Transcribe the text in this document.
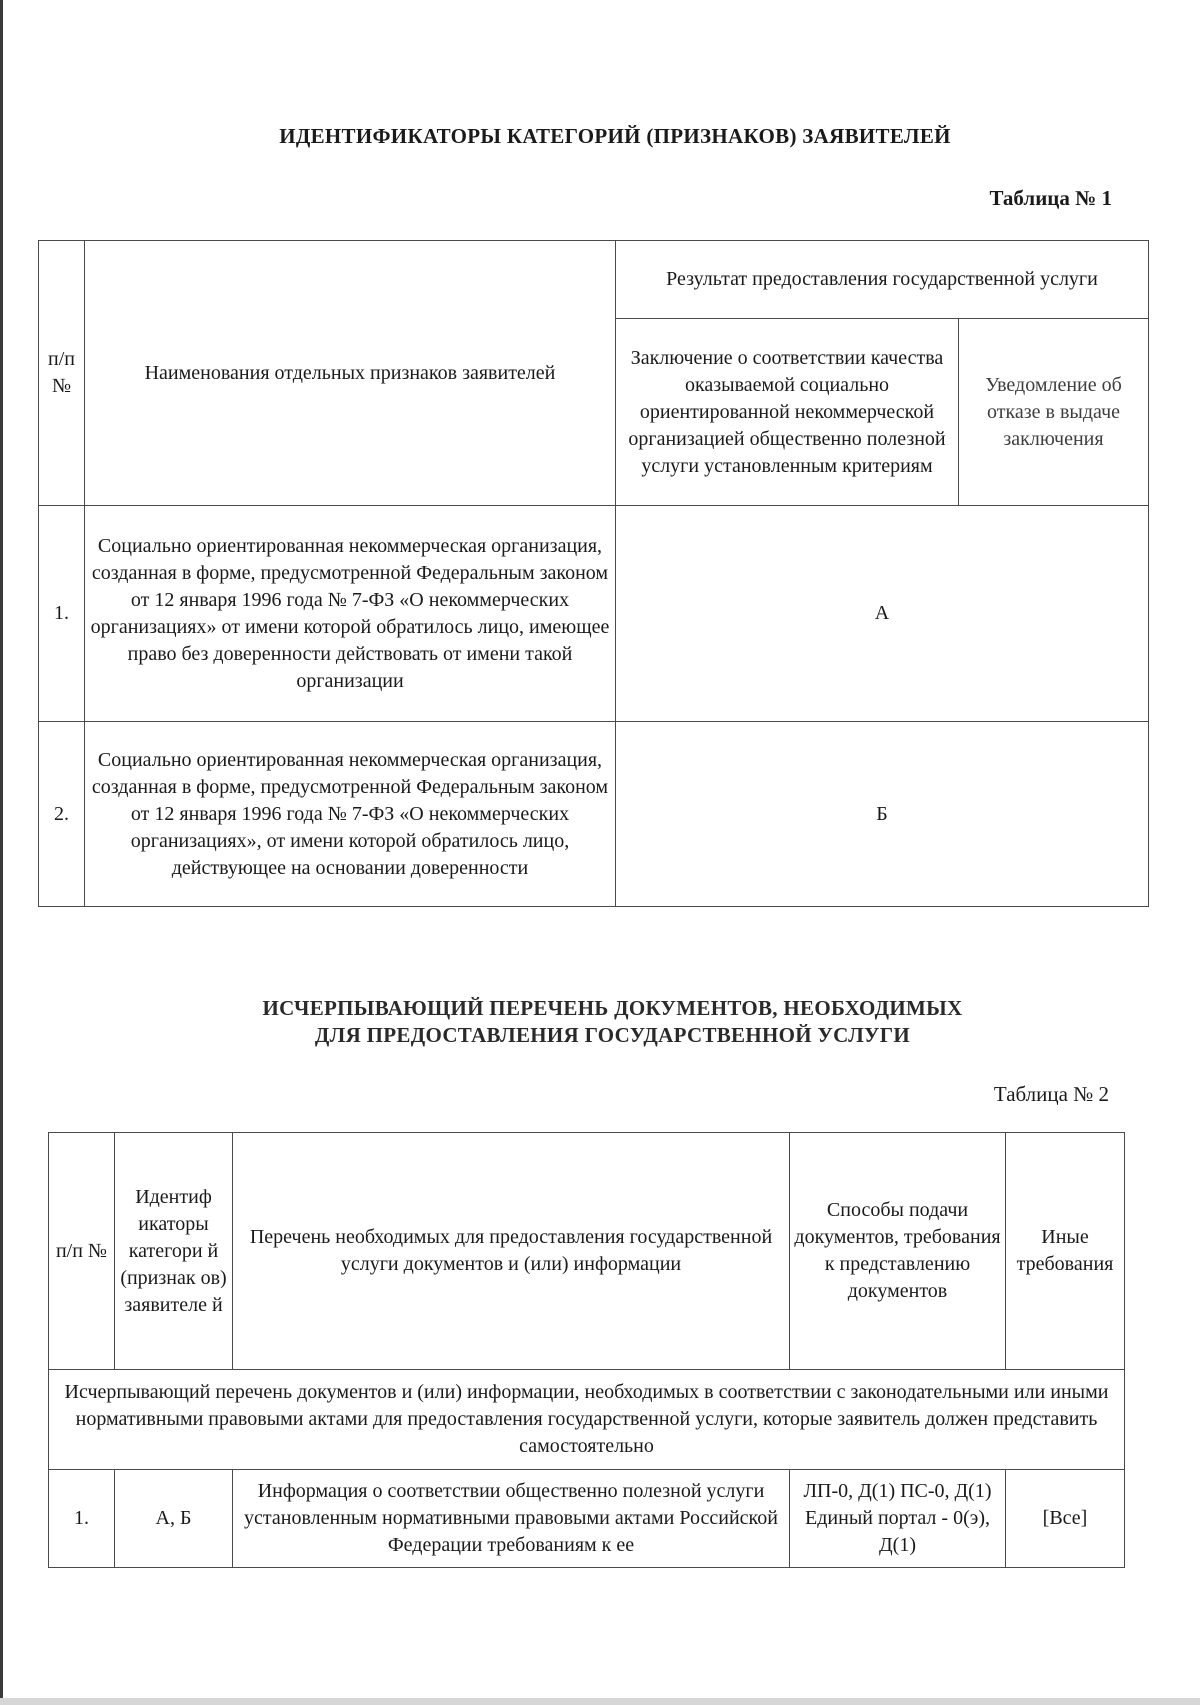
ИДЕНТИФИКАТОРЫ КАТЕГОРИЙ (ПРИЗНАКОВ) ЗАЯВИТЕЛЕЙ
Таблица № 1
п/п №	Наименования отдельных признаков заявителей	Результат предоставления государственной услуги	
		Заключение о соответствии качества оказываемой социально ориентированной некоммерческой организацией общественно полезной услуги установленным критериям	Уведомление об отказе в выдаче заключения
1.	Социально ориентированная некоммерческая организация, созданная в форме, предусмотренной Федеральным законом от 12 января 1996 года № 7-ФЗ «О некоммерческих организациях» от имени которой обратилось лицо, имеющее право без доверенности действовать от имени такой организации	А	
2.	Социально ориентированная некоммерческая организация, созданная в форме, предусмотренной Федеральным законом от 12 января 1996 года № 7-ФЗ «О некоммерческих организациях», от имени которой обратилось лицо, действующее на основании доверенности	Б	
ИСЧЕРПЫВАЮЩИЙ ПЕРЕЧЕНЬ ДОКУМЕНТОВ, НЕОБХОДИМЫХ
ДЛЯ ПРЕДОСТАВЛЕНИЯ ГОСУДАРСТВЕННОЙ УСЛУГИ
Таблица № 2
п/п №	Идентиф икаторы категори й (признак ов) заявителе й	Перечень необходимых для предоставления государственной услуги документов и (или) информации	Способы подачи документов, требования к представлению документов	Иные требования
Исчерпывающий перечень документов и (или) информации, необходимых в соответствии с законодательными или иными нормативными правовыми актами для предоставления государственной услуги, которые заявитель должен представить самостоятельно				
1.	А, Б	Информация о соответствии общественно полезной услуги установленным нормативными правовыми актами Российской Федерации требованиям к ее	ЛП-0, Д(1) ПС-0, Д(1) Единый портал - 0(э), Д(1)	[Все]
